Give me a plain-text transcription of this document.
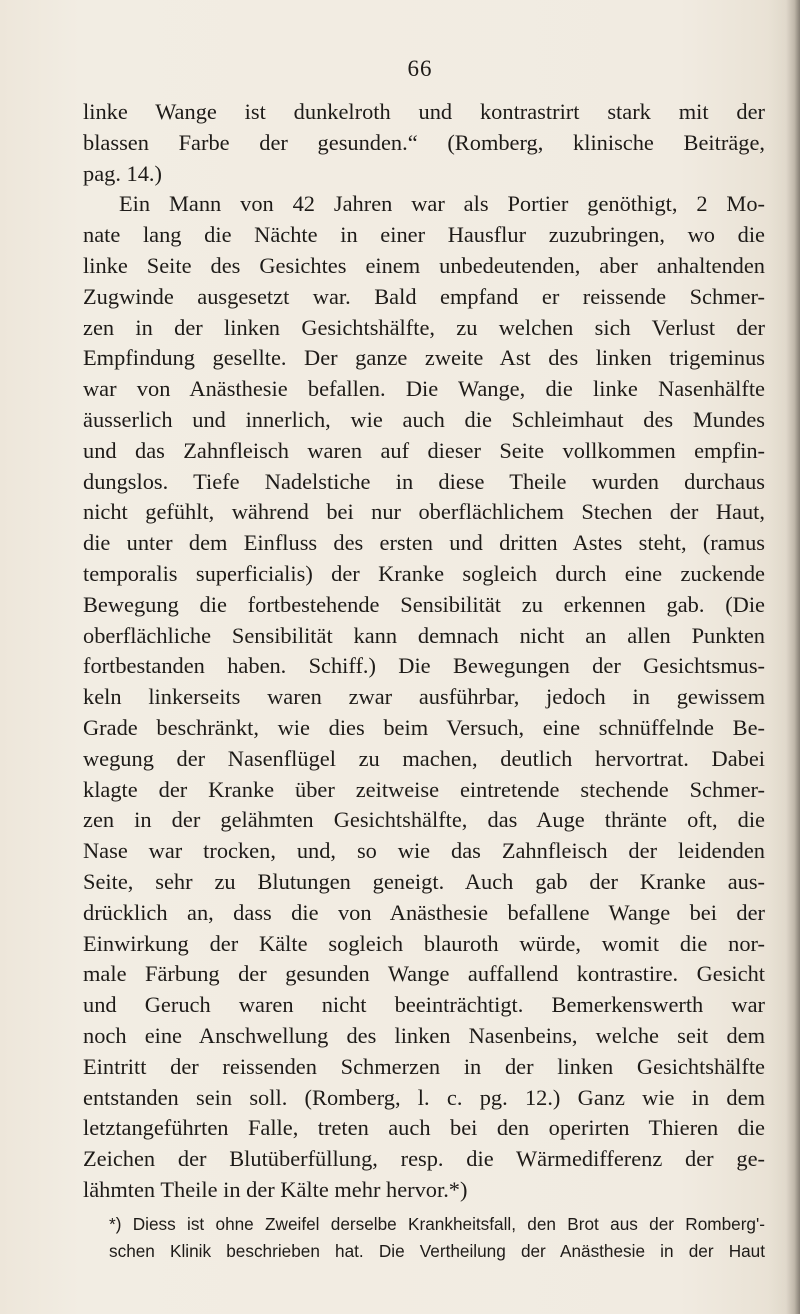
66
linke Wange ist dunkelroth und kontrastrirt stark mit der
blassen Farbe der gesunden.“ (Romberg, klinische Beiträge,
pag. 14.)
Ein Mann von 42 Jahren war als Portier genöthigt, 2 Mo-
nate lang die Nächte in einer Hausflur zuzubringen, wo die
linke Seite des Gesichtes einem unbedeutenden, aber anhaltenden
Zugwinde ausgesetzt war. Bald empfand er reissende Schmer-
zen in der linken Gesichtshälfte, zu welchen sich Verlust der
Empfindung gesellte. Der ganze zweite Ast des linken trigeminus
war von Anästhesie befallen. Die Wange, die linke Nasenhälfte
äusserlich und innerlich, wie auch die Schleimhaut des Mundes
und das Zahnfleisch waren auf dieser Seite vollkommen empfin-
dungslos. Tiefe Nadelstiche in diese Theile wurden durchaus
nicht gefühlt, während bei nur oberflächlichem Stechen der Haut,
die unter dem Einfluss des ersten und dritten Astes steht, (ramus
temporalis superficialis) der Kranke sogleich durch eine zuckende
Bewegung die fortbestehende Sensibilität zu erkennen gab. (Die
oberflächliche Sensibilität kann demnach nicht an allen Punkten
fortbestanden haben. Schiff.) Die Bewegungen der Gesichtsmus-
keln linkerseits waren zwar ausführbar, jedoch in gewissem
Grade beschränkt, wie dies beim Versuch, eine schnüffelnde Be-
wegung der Nasenflügel zu machen, deutlich hervortrat. Dabei
klagte der Kranke über zeitweise eintretende stechende Schmer-
zen in der gelähmten Gesichtshälfte, das Auge thränte oft, die
Nase war trocken, und, so wie das Zahnfleisch der leidenden
Seite, sehr zu Blutungen geneigt. Auch gab der Kranke aus-
drücklich an, dass die von Anästhesie befallene Wange bei der
Einwirkung der Kälte sogleich blauroth würde, womit die nor-
male Färbung der gesunden Wange auffallend kontrastire. Gesicht
und Geruch waren nicht beeinträchtigt. Bemerkenswerth war
noch eine Anschwellung des linken Nasenbeins, welche seit dem
Eintritt der reissenden Schmerzen in der linken Gesichtshälfte
entstanden sein soll. (Romberg, l. c. pg. 12.) Ganz wie in dem
letztangeführten Falle, treten auch bei den operirten Thieren die
Zeichen der Blutüberfüllung, resp. die Wärmedifferenz der ge-
lähmten Theile in der Kälte mehr hervor.*)
*) Diess ist ohne Zweifel derselbe Krankheitsfall, den Brot aus der Romberg'-
schen Klinik beschrieben hat. Die Vertheilung der Anästhesie in der Haut
